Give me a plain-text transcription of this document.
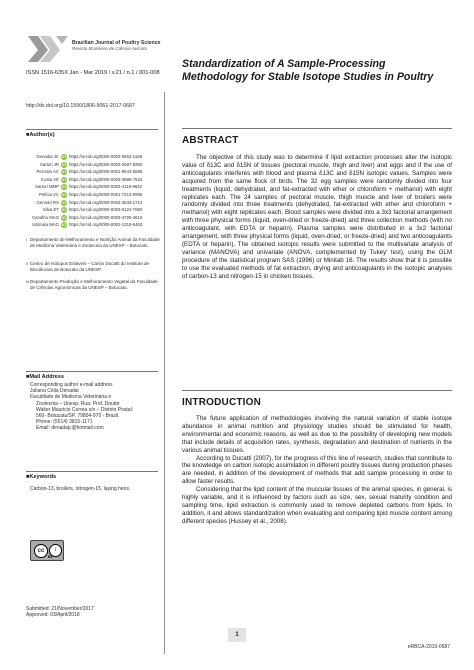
Brazilian Journal of Poultry Science
Revista Brasileira de Ciência Avícola
ISSN 1516-635X Jan - Mar 2019 / v.21 / n.1 / 001-008
http://dx.doi.org/10.1590/1806-9061-2017-0687
Standardization of A Sample-Processing Methodology for Stable Isotope Studies in Poultry
■Author(s)
Denadai JC iD https://orcid.org/0000-0003-0853-1159
Sartori JR iD https://orcid.org/0000-0003-2697-8250
Pezzato AC iD https://orcid.org/0000-0001-9543-5688
Costa VE iD https://orcid.org/0000-0003-3889-7534
Sartori MMP iD https://orcid.org/0000-0003-4119-8642
Pelícia VC iD https://orcid.org/0000-0001-7213-0995
Gennari RS iD https://orcid.org/0000-0002-3633-1712
Silva ET iD https://orcid.org/0000-0003-0121-7060
Canalho MAO iD https://orcid.org/0000-0003-4700-4618
Ishizuka MAO iD https://orcid.org/0000-0002-1319-5463
I Departamento de Melhoramento e Nutrição Animal da Faculdade de Medicina Veterinária e Zootecnia da UNESP – Botucatu.
II Centro de Isótopos Estáveis – Carlos Ducatti do Instituto de Biociências de Botucatu da UNESP.
III Departamento Produção e Melhoramento Vegetal da Faculdade de Ciências Agronômicas da UNESP – Botucatu.
■Mail Address
Corresponding author e-mail address
Juliana Célia Denadai
Faculdade de Medicina Veterinária e
Zootecnia – Unesp, Rua: Prof. Doutor
Walter Mauricio Correa s/n – Distrito Postal:
560- Botucatu/SP, 79804-970 - Brazil.
Phone: (5514) 3815-1171
Email: denadajc@hotmail.com
■Keywords
Carbon-13, broilers, nitrogen-15, laying hens.
cc	i
BY
Submitted: 21/November/2017
Approved: 03/April/2018
ABSTRACT

The objective of this study was to determine if lipid extraction processes alter the isotopic value of δ13C and δ15N of tissues (pectoral muscle, thigh and liver) and eggs and if the use of anticoagulants interferes with blood and plasma δ13C and δ15N isotopic values. Samples were acquired from the same flock of birds. The 32 egg samples were randomly divided into four treatments (liquid, dehydrated, and fat-extracted with ether or chloroform + methanol) with eight replicates each. The 24 samples of pectoral muscle, thigh muscle and liver of broilers were randomly divided into three treatments (dehydrated, fat-extracted with ether and chloroform + methanol) with eight replicates each. Blood samples were divided into a 3x3 factorial arrangement with three physical forms (liquid, oven-dried or freeze-dried) and three collection methods (with no anticoagulant, with EDTA or heparin). Plasma samples were distributed in a 3x2 factorial arrangement, with three physical forms (liquid, oven-dried, or freeze-dried) and two anticoagulants (EDTA or heparin). The obtained isotopic results were submitted to the multivariate analysis of variance (MANOVA) and univariate (ANOVA, complemented by Tukey' test), using the GLM procedure of the statistical program SAS (1996) or Minitab 16. The results show that it is possible to use the evaluated methods of fat extraction, drying and anticoagulants in the isotopic analyses of carbon-13 and nitrogen-15 in chicken tissues.

INTRODUCTION

The future application of methodologies involving the natural variation of stable isotope abundance in animal nutrition and physiology studies should be stimulated for health, environmental and economic reasons, as well as due to the possibility of developing new models that include details of acquisition rates, synthesis, degradation and destination of nutrients in the various animal tissues.

According to Ducatti (2007), for the progress of this line of research, studies that contribute to the knowledge on carbon isotopic assimilation in different poultry tissues during production phases are needed, in addition of the development of methods that add sample processing in order to allow faster results.

Considering that the lipid content of the muscular tissues of the animal species, in general, is highly variable, and it is influenced by factors such as size, sex, sexual maturity condition and sampling time, lipid extraction is commonly used to remove depleted carbons from lipids. In addition, it and allows standardization when evaluating and comparing lipid muscle content among different species (Hussey et al., 2008).

1
eRBCA-2019-0687
